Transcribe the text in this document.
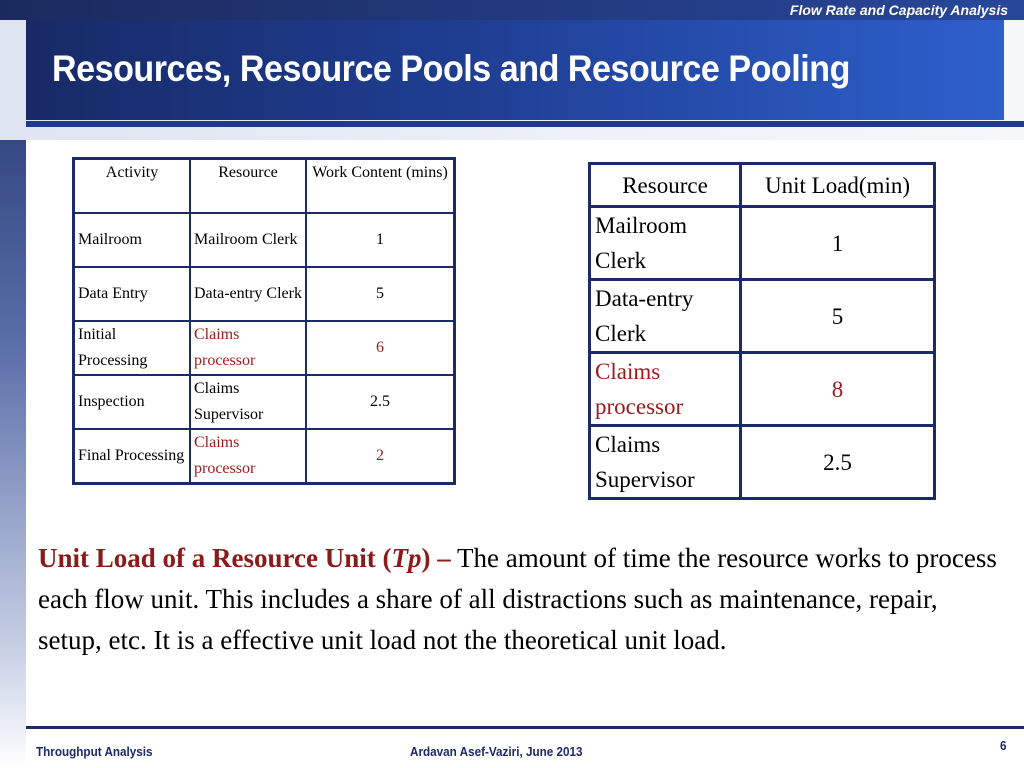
Flow Rate and Capacity Analysis
Resources, Resource Pools and Resource Pooling
Activity	Resource	Work Content (mins)
Mailroom	Mailroom Clerk	1
Data Entry	Data-entry Clerk	5
Initial Processing	Claims processor	6
Inspection	Claims Supervisor	2.5
Final Processing	Claims processor	2
Resource	Unit Load(min)
Mailroom Clerk	1
Data-entry Clerk	5
Claims processor	8
Claims Supervisor	2.5

Unit Load of a Resource Unit (Tp) – The amount of time the resource works to process each flow unit. This includes a share of all distractions such as maintenance, repair, setup, etc. It is a effective unit load not the theoretical unit load.

Throughput Analysis	Ardavan Asef-Vaziri, June 2013	6
